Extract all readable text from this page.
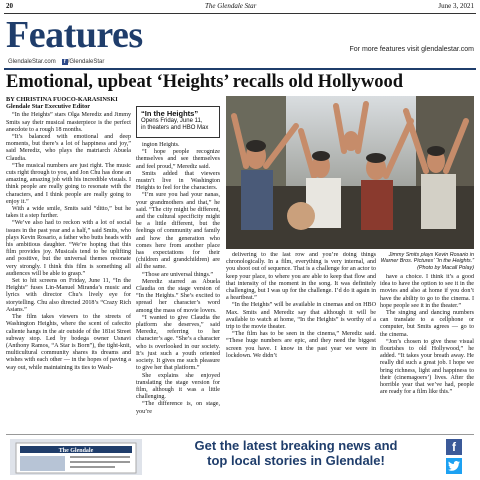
20	The Glendale Star	June 3, 2021
Features
GlendaleStar.com	f /GlendaleStar
For more features visit glendalestar.com
Emotional, upbeat ‘Heights’ recalls old Hollywood

BY CHRISTINA FUOCO-KARASINSKI

Glendale Star Executive Editor

“In the Heights” stars Olga Merediz and Jimmy Smits say their musical masterpiece is the perfect anecdote to a rough 18 months.

“It’s balanced with emotional and deep moments, but there’s a lot of happiness and joy,” said Merediz, who plays the matriarch Abuela Claudia.

“The musical numbers are just right. The music cuts right through to you, and Jon Chu has done an amazing, amazing job with his incredible visuals. I think people are really going to resonate with the characters, and I think people are really going to enjoy it.”

With a wide smile, Smits said “ditto,” but he takes it a step further.

“We’ve also had to reckon with a lot of social issues in the past year and a half,” said Smits, who plays Kevin Rosario, a father who butts heads with his ambitious daughter. “We’re hoping that this film provides joy. Musicals tend to be uplifting and positive, but the universal themes resonate very strongly. I think this film is something all audiences will be able to grasp.”

Set to hit screens on Friday, June 11, “In the Heights” fuses Lin-Manuel Miranda’s music and lyrics with director Chu’s lively eye for storytelling. Chu also directed 2018’s “Crazy Rich Asians.”

The film takes viewers to the streets of Washington Heights, where the scent of cafecito caliente hangs in the air outside of the 181st Street subway stop. Led by bodega owner Usnavi (Anthony Ramos, “A Star is Born”), the tight-knit, multicultural community shares its dreams and wishes with each other — in the hopes of paving a way out, while maintaining its ties to Wash-

“In the Heights”
Opens Friday, June 11,
in theaters and HBO Max

ington Heights.

“I hope people recognize themselves and see themselves and feel proud,” Merediz said.

Smits added that viewers mustn’t live in Washington Heights to feel for the characters.

“I’m sure you had your nanas, your grandmothers and that,” he said. “The city might be different, and the cultural specificity might be a little different, but the feelings of community and family and how the generation who comes here from another place has expectations for their (children and grandchildren) are all the same.

“Those are universal things.”

Merediz starred as Abuela Claudia on the stage version of “In the Heights.” She’s excited to spread her character’s word among the mass of movie lovers.

“I wanted to give Claudia the platform she deserves,” said Merediz, referring to her character’s age. “She’s a character who is overlooked in our society. It’s just such a youth oriented society. It gives me such pleasure to give her that platform.”

She explains she enjoyed translating the stage version for film, although it was a little challenging.

“The difference is, on stage, you’re

Jimmy Smits plays Kevin Rosario in Warner Bros. Pictures’ “In the Heights.” (Photo by Macall Polay)

delivering to the last row and you’re doing things chronologically. In a film, everything is very internal, and you shoot out of sequence. That is a challenge for an actor to keep your place, to where you are able to keep that flow and that intensity of the moment in the song. It was definitely challenging, but I was up for the challenge. I’d do it again in a heartbeat.”

“In the Heights” will be available in cinemas and on HBO Max. Smits and Merediz say that although it will be available to watch at home, “In the Heights” is worthy of a trip to the movie theater.

“The film has to be seen in the cinema,” Merediz said. “These huge numbers are epic, and they need the biggest screen you have. I know in the past year we were in lockdown. We didn’t

have a choice. I think it’s a good idea to have the option to see it in the movies and also at home if you don’t have the ability to go to the cinema. I hope people see it in the theater.”

The singing and dancing numbers can translate to a cellphone or computer, but Smits agrees — go to the cinema.

“Jon’s chosen to give these visual flourishes to old Hollywood,” he added. “It takes your breath away. He really did such a great job. I hope we bring richness, light and happiness to their (cinemagoers’) lives. After the horrible year that we’ve had, people are ready for a film like this.”

The Glendale	Get the latest breaking news and
top local stories in Glendale!
f
